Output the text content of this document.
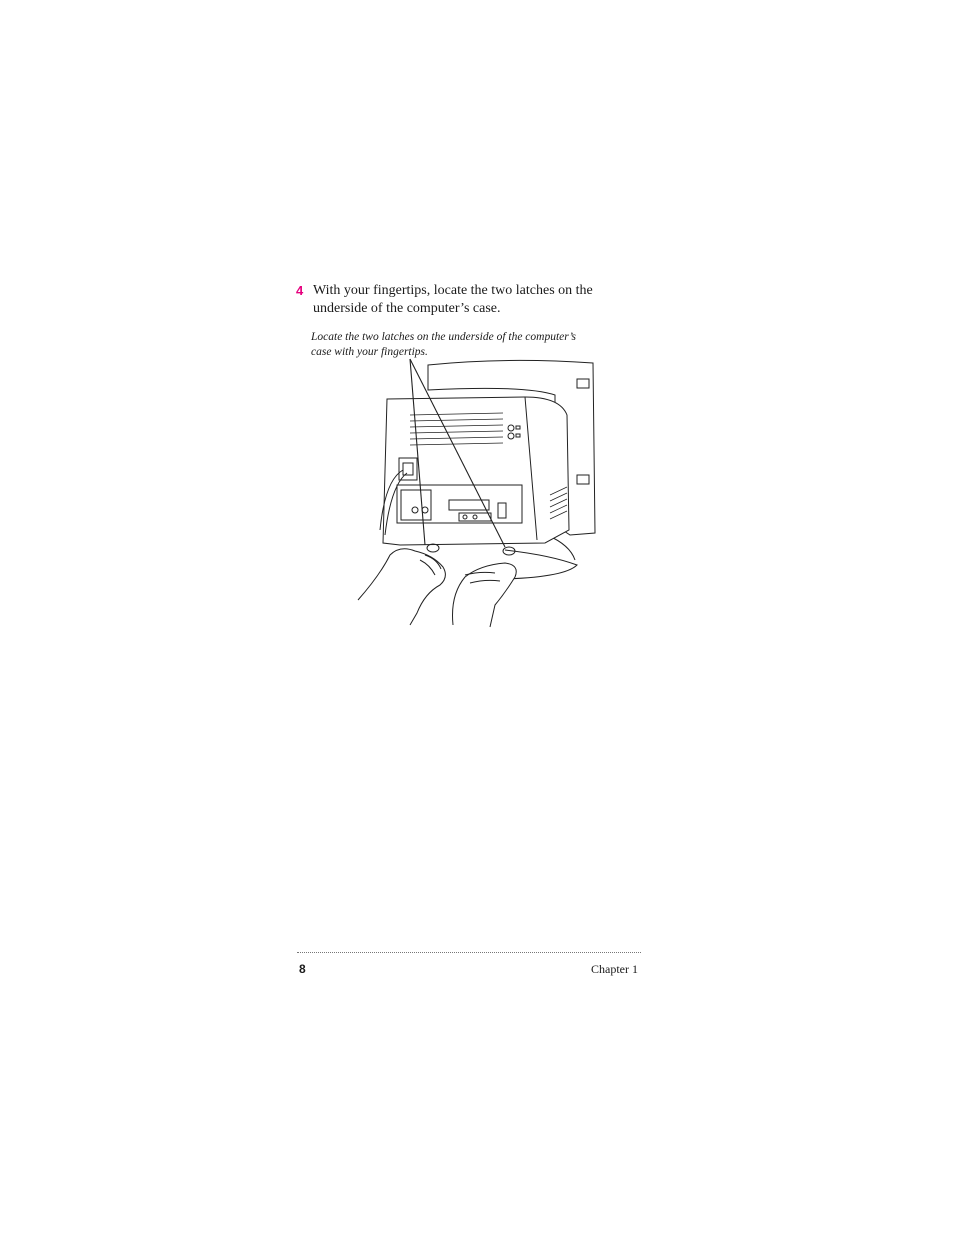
4 With your fingertips, locate the two latches on the underside of the computer’s case.
Locate the two latches on the underside of the computer’s case with your fingertips.
8	Chapter 1
